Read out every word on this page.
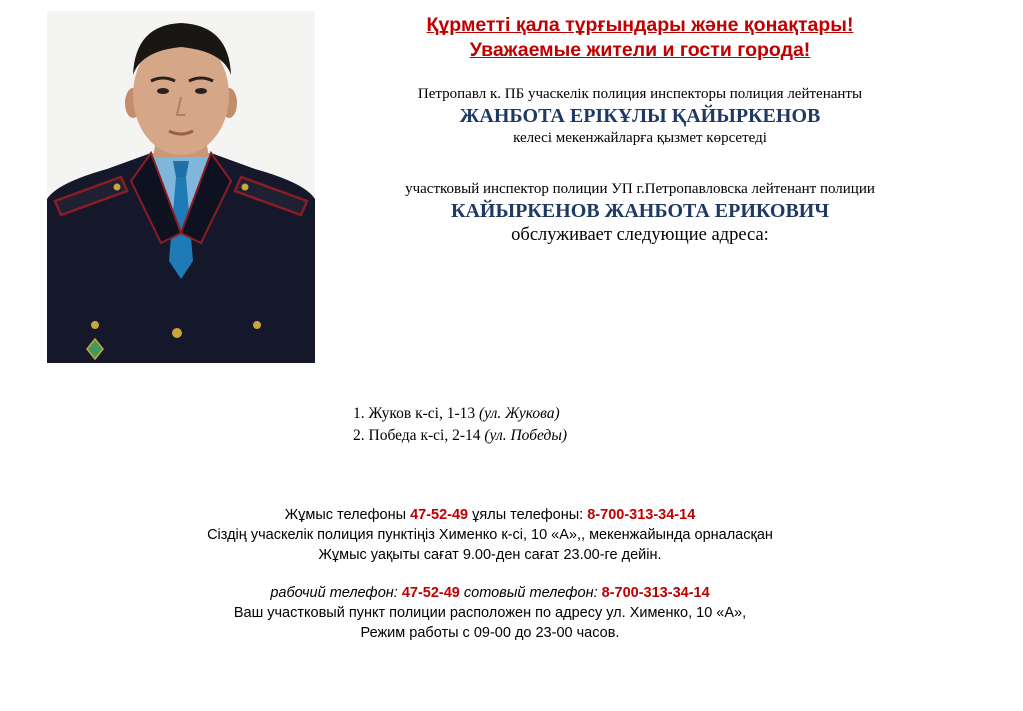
Құрметті қала тұрғындары және қонақтары!
Уважаемые жители и гости города!
Петропавл к. ПБ учаскелік полиция инспекторы полиция лейтенанты
ЖАНБОТА ЕРІКҰЛЫ ҚАЙЫРКЕНОВ
келесі мекенжайларға қызмет көрсетеді
участковый инспектор полиции УП г.Петропавловска лейтенант полиции
КАЙЫРКЕНОВ ЖАНБОТА ЕРИКОВИЧ
обслуживает следующие адреса:
1. Жуков к-сі, 1-13 (ул. Жукова)
2. Победа к-сі, 2-14 (ул. Победы)
Жұмыс телефоны 47-52-49 ұялы телефоны: 8-700-313-34-14
Сіздің учаскелік полиция пунктіңіз Хименко к-сі, 10 «А»,, мекенжайында орналасқан
Жұмыс уақыты сағат 9.00-ден сағат 23.00-ге дейін.
рабочий телефон: 47-52-49 сотовый телефон: 8-700-313-34-14
Ваш участковый пункт полиции расположен по адресу ул. Хименко, 10 «А»,
Режим работы с 09-00 до 23-00 часов.
